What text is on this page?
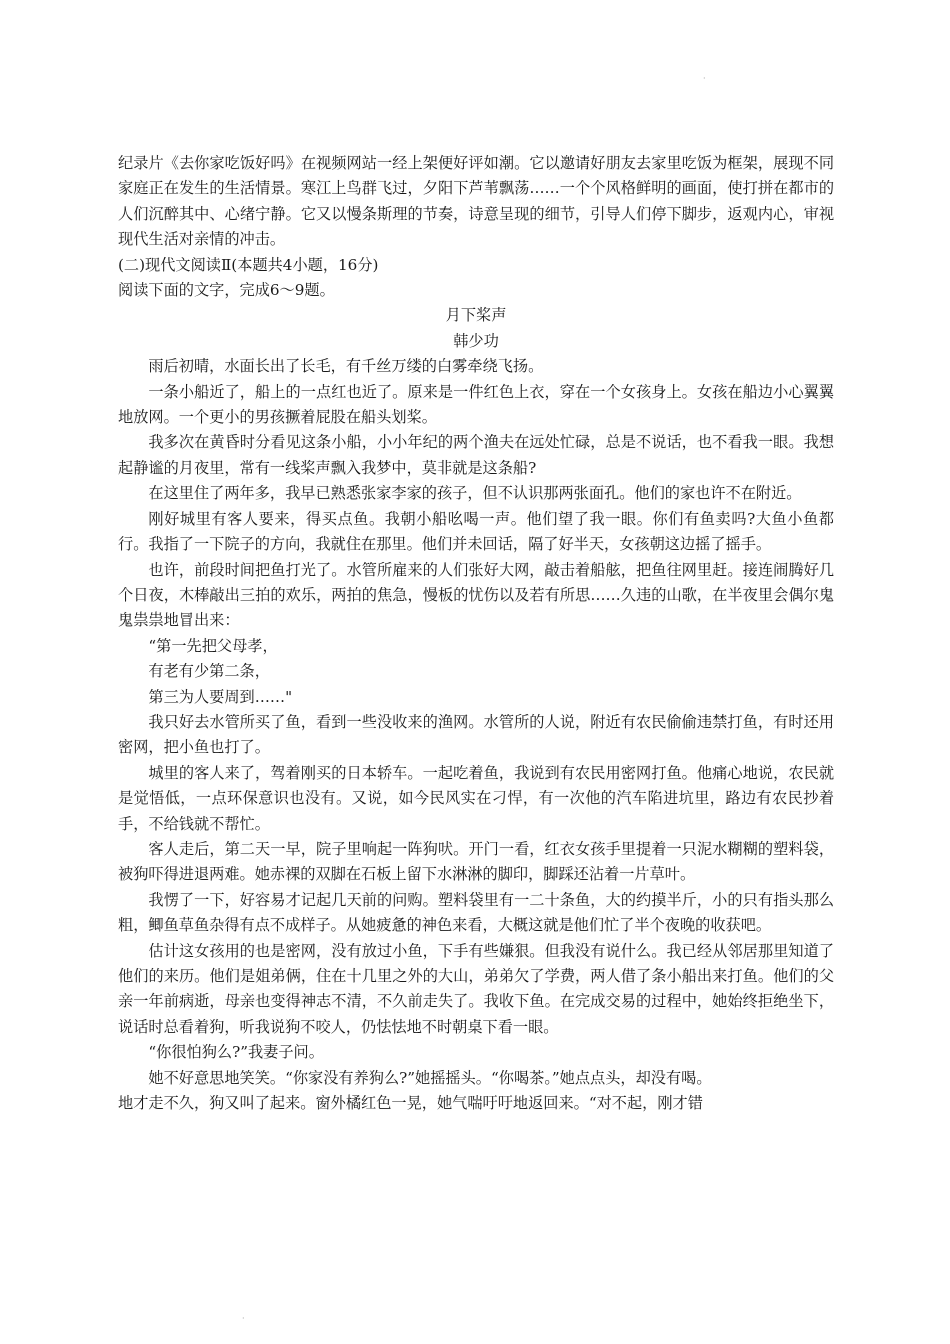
·

纪录片《去你家吃饭好吗》在视频网站一经上架便好评如潮。它以邀请好朋友去家里吃饭为框架，展现不同家庭正在发生的生活情景。寒江上鸟群飞过，夕阳下芦苇飘荡……一个个风格鲜明的画面，使打拼在都市的人们沉醉其中、心绪宁静。它又以慢条斯理的节奏，诗意呈现的细节，引导人们停下脚步，返观内心，审视现代生活对亲情的冲击。

(二)现代文阅读Ⅱ(本题共4小题，16分)

阅读下面的文字，完成6～9题。

月下桨声

韩少功

雨后初晴，水面长出了长毛，有千丝万缕的白雾牵绕飞扬。

一条小船近了，船上的一点红也近了。原来是一件红色上衣，穿在一个女孩身上。女孩在船边小心翼翼地放网。一个更小的男孩撅着屁股在船头划桨。

我多次在黄昏时分看见这条小船，小小年纪的两个渔夫在远处忙碌，总是不说话，也不看我一眼。我想起静谧的月夜里，常有一线桨声飘入我梦中，莫非就是这条船?

在这里住了两年多，我早已熟悉张家李家的孩子，但不认识那两张面孔。他们的家也许不在附近。

刚好城里有客人要来，得买点鱼。我朝小船吆喝一声。他们望了我一眼。你们有鱼卖吗?大鱼小鱼都行。我指了一下院子的方向，我就住在那里。他们并未回话，隔了好半天，女孩朝这边摇了摇手。

也许，前段时间把鱼打光了。水管所雇来的人们张好大网，敲击着船舷，把鱼往网里赶。接连闹腾好几个日夜，木棒敲出三拍的欢乐，两拍的焦急，慢板的忧伤以及若有所思……久违的山歌，在半夜里会偶尔鬼鬼祟祟地冒出来：

“第一先把父母孝，

有老有少第二条，

第三为人要周到……"

我只好去水管所买了鱼，看到一些没收来的渔网。水管所的人说，附近有农民偷偷违禁打鱼，有时还用密网，把小鱼也打了。

城里的客人来了，驾着刚买的日本轿车。一起吃着鱼，我说到有农民用密网打鱼。他痛心地说，农民就是觉悟低，一点环保意识也没有。又说，如今民风实在刁悍，有一次他的汽车陷进坑里，路边有农民抄着手，不给钱就不帮忙。

客人走后，第二天一早，院子里响起一阵狗吠。开门一看，红衣女孩手里提着一只泥水糊糊的塑料袋，被狗吓得进退两难。她赤裸的双脚在石板上留下水淋淋的脚印，脚踩还沾着一片草叶。

我愣了一下，好容易才记起几天前的问购。塑料袋里有一二十条鱼，大的约摸半斤，小的只有指头那么粗，鲫鱼草鱼杂得有点不成样子。从她疲惫的神色来看，大概这就是他们忙了半个夜晚的收获吧。

估计这女孩用的也是密网，没有放过小鱼，下手有些嫌狠。但我没有说什么。我已经从邻居那里知道了他们的来历。他们是姐弟俩，住在十几里之外的大山，弟弟欠了学费，两人借了条小船出来打鱼。他们的父亲一年前病逝，母亲也变得神志不清，不久前走失了。我收下鱼。在完成交易的过程中，她始终拒绝坐下，说话时总看着狗，听我说狗不咬人，仍怯怯地不时朝桌下看一眼。

“你很怕狗么?”我妻子问。

她不好意思地笑笑。“你家没有养狗么?”她摇摇头。“你喝茶。”她点点头，却没有喝。

地才走不久，狗又叫了起来。窗外橘红色一晃，她气喘吁吁地返回来。“对不起，刚才错

·
